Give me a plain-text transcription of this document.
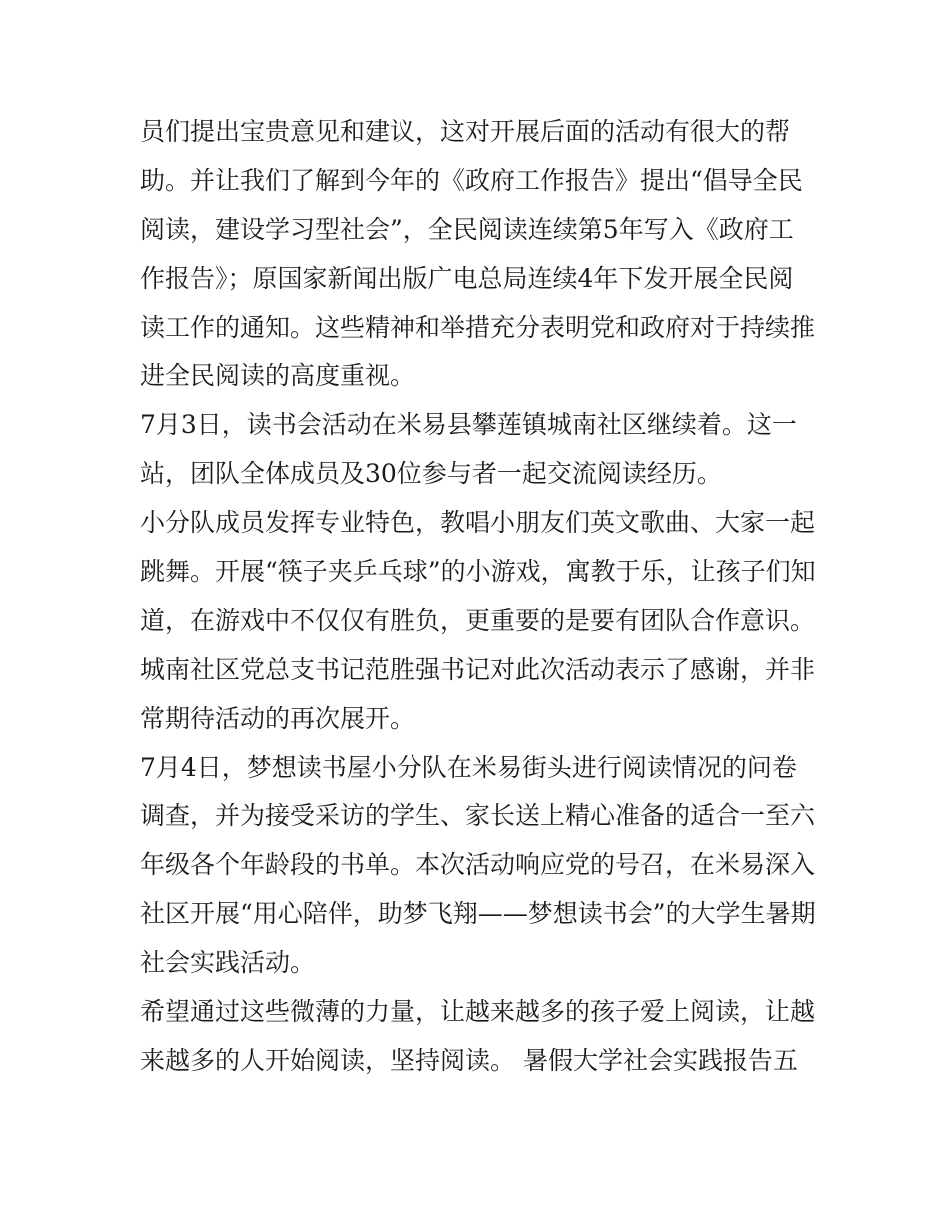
员们提出宝贵意见和建议，这对开展后面的活动有很大的帮
助。并让我们了解到今年的《政府工作报告》提出“倡导全民
阅读，建设学习型社会”，全民阅读连续第5年写入《政府工
作报告》；原国家新闻出版广电总局连续4年下发开展全民阅
读工作的通知。这些精神和举措充分表明党和政府对于持续推
进全民阅读的高度重视。
7月3日，读书会活动在米易县攀莲镇城南社区继续着。这一
站，团队全体成员及30位参与者一起交流阅读经历。
小分队成员发挥专业特色，教唱小朋友们英文歌曲、大家一起
跳舞。开展“筷子夹乒乓球”的小游戏，寓教于乐，让孩子们知
道，在游戏中不仅仅有胜负，更重要的是要有团队合作意识。
城南社区党总支书记范胜强书记对此次活动表示了感谢，并非
常期待活动的再次展开。
7月4日，梦想读书屋小分队在米易街头进行阅读情况的问卷
调查，并为接受采访的学生、家长送上精心准备的适合一至六
年级各个年龄段的书单。本次活动响应党的号召，在米易深入
社区开展“用心陪伴，助梦飞翔——梦想读书会”的大学生暑期
社会实践活动。
希望通过这些微薄的力量，让越来越多的孩子爱上阅读，让越
来越多的人开始阅读，坚持阅读。 暑假大学社会实践报告五
